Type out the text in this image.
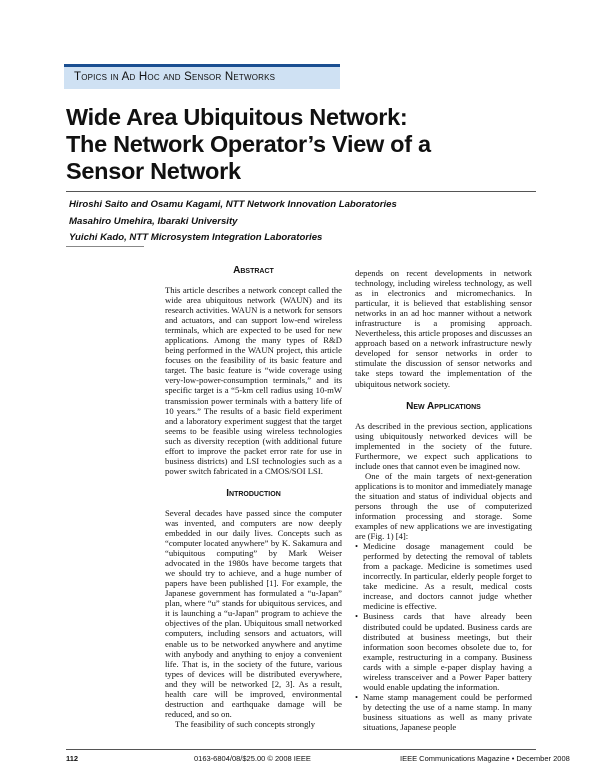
Topics in Ad Hoc and Sensor Networks
Wide Area Ubiquitous Network:
The Network Operator’s View of a
Sensor Network
Hiroshi Saito and Osamu Kagami, NTT Network Innovation Laboratories
Masahiro Umehira, Ibaraki University
Yuichi Kado, NTT Microsystem Integration Laboratories
Abstract

This article describes a network concept called the wide area ubiquitous network (WAUN) and its research activities. WAUN is a network for sensors and actuators, and can support low-end wireless terminals, which are expected to be used for new applications. Among the many types of R&D being performed in the WAUN project, this article focuses on the feasibility of its basic feature and target. The basic feature is “wide coverage using very-low-power-consumption terminals,” and its specific target is a “5-km cell radius using 10-mW transmission power terminals with a battery life of 10 years.” The results of a basic field experiment and a laboratory experiment suggest that the target seems to be feasible using wireless technologies such as diversity reception (with additional future effort to improve the packet error rate for use in business districts) and LSI technologies such as a power switch fabricated in a CMOS/SOI LSI.

Introduction

Several decades have passed since the computer was invented, and computers are now deeply embedded in our daily lives. Concepts such as “computer located anywhere” by K. Sakamura and “ubiquitous computing” by Mark Weiser advocated in the 1980s have become targets that we should try to achieve, and a huge number of papers have been published [1]. For example, the Japanese government has formulated a “u-Japan” plan, where “u” stands for ubiquitous services, and it is launching a “u-Japan” program to achieve the objectives of the plan. Ubiquitous small networked computers, including sensors and actuators, will enable us to be networked anywhere and anytime with anybody and anything to enjoy a convenient life. That is, in the society of the future, various types of devices will be distributed everywhere, and they will be networked [2, 3]. As a result, health care will be improved, environmental destruction and earthquake damage will be reduced, and so on.

The feasibility of such concepts strongly

depends on recent developments in network technology, including wireless technology, as well as in electronics and micromechanics. In particular, it is believed that establishing sensor networks in an ad hoc manner without a network infrastructure is a promising approach. Nevertheless, this article proposes and discusses an approach based on a network infrastructure newly developed for sensor networks in order to stimulate the discussion of sensor networks and take steps toward the implementation of the ubiquitous network society.

New Applications

As described in the previous section, applications using ubiquitously networked devices will be implemented in the society of the future. Furthermore, we expect such applications to include ones that cannot even be imagined now.

One of the main targets of next-generation applications is to monitor and immediately manage the situation and status of individual objects and persons through the use of computerized information processing and storage. Some examples of new applications we are investigating are (Fig. 1) [4]:

• Medicine dosage management could be performed by detecting the removal of tablets from a package. Medicine is sometimes used incorrectly. In particular, elderly people forget to take medicine. As a result, medical costs increase, and doctors cannot judge whether medicine is effective.
• Business cards that have already been distributed could be updated. Business cards are distributed at business meetings, but their information soon becomes obsolete due to, for example, restructuring in a company. Business cards with a simple e-paper display having a wireless transceiver and a Power Paper battery would enable updating the information.
• Name stamp management could be performed by detecting the use of a name stamp. In many business situations as well as many private situations, Japanese people
112	0163-6804/08/$25.00 © 2008 IEEE	IEEE Communications Magazine • December 2008
